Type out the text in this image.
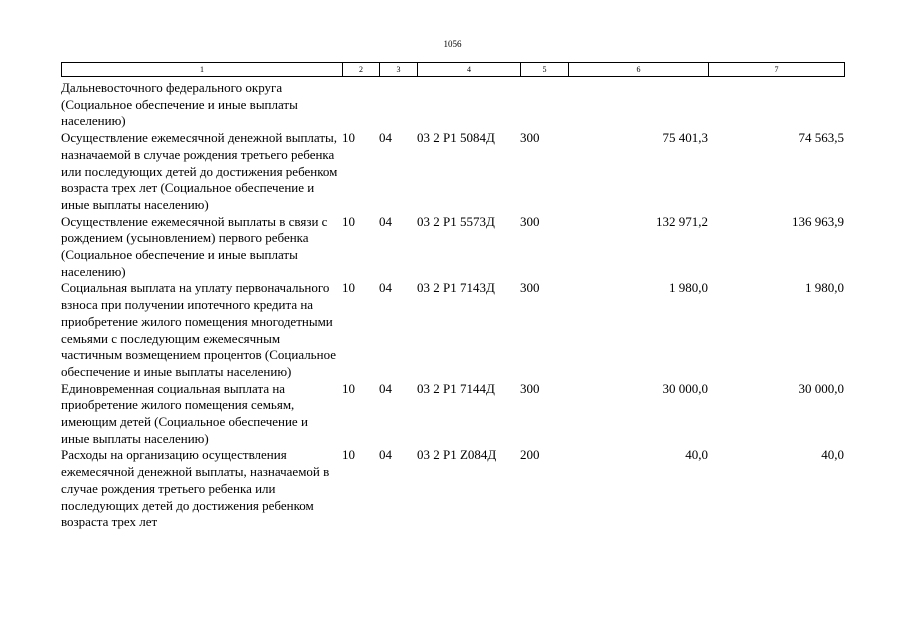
1056
1	2	3	4	5	6	7
Дальневосточного федерального округа (Социальное обеспечение и иные выплаты населению)						
Осуществление ежемесячной денежной выплаты, назначаемой в случае рождения третьего ребенка или последующих детей до достижения ребенком возраста трех лет (Социальное обеспечение и иные выплаты населению)	10	04	03 2 P1 5084Д	300	75 401,3	74 563,5
Осуществление ежемесячной выплаты в связи с рождением (усыновлением) первого ребенка (Социальное обеспечение и иные выплаты населению)	10	04	03 2 P1 5573Д	300	132 971,2	136 963,9
Социальная выплата на уплату первоначального взноса при получении ипотечного кредита на приобретение жилого помещения многодетными семьями с последующим ежемесячным частичным возмещением процентов (Социальное обеспечение и иные выплаты населению)	10	04	03 2 P1 7143Д	300	1 980,0	1 980,0
Единовременная социальная выплата на приобретение жилого помещения семьям, имеющим детей (Социальное обеспечение и иные выплаты населению)	10	04	03 2 P1 7144Д	300	30 000,0	30 000,0
Расходы на организацию осуществления ежемесячной денежной выплаты, назначаемой в случае рождения третьего ребенка или последующих детей до достижения ребенком возраста трех лет	10	04	03 2 P1 Z084Д	200	40,0	40,0
